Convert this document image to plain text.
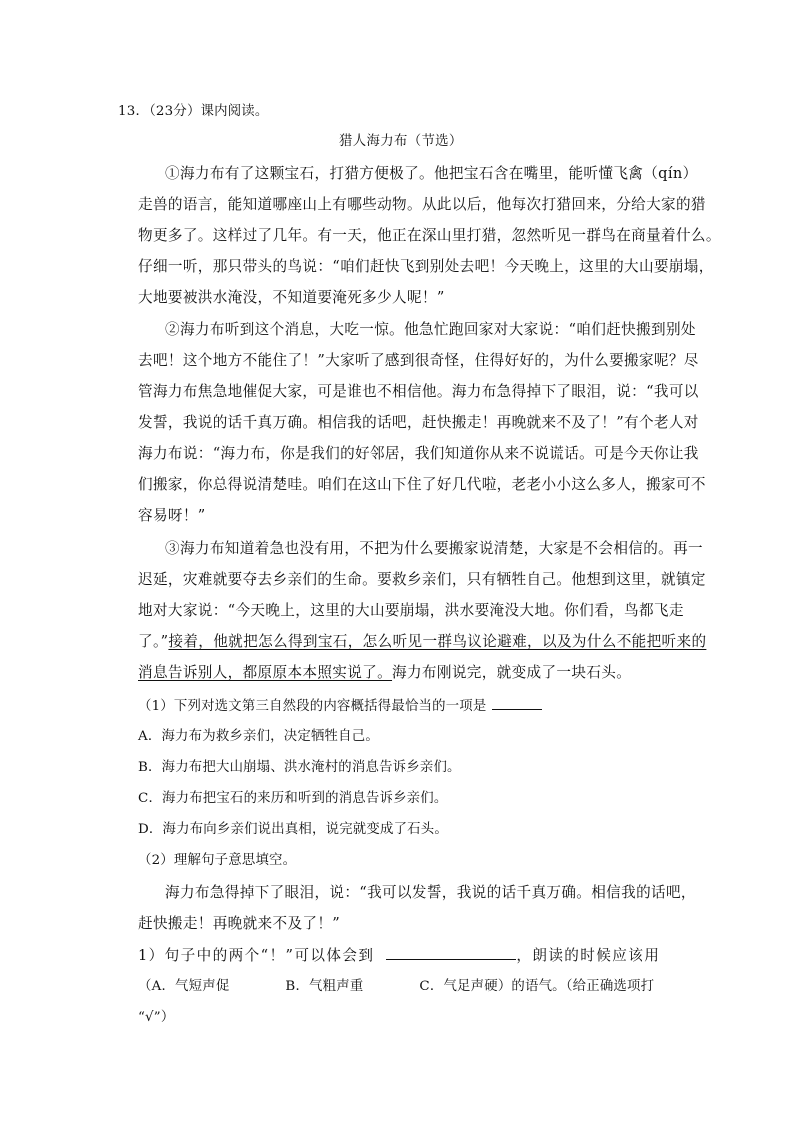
13．（23分）课内阅读。
猎人海力布（节选）
①海力布有了这颗宝石，打猎方便极了。他把宝石含在嘴里，能听懂飞禽（qín）
走兽的语言，能知道哪座山上有哪些动物。从此以后，他每次打猎回来，分给大家的猎
物更多了。这样过了几年。有一天，他正在深山里打猎，忽然听见一群鸟在商量着什么。
仔细一听，那只带头的鸟说：“咱们赶快飞到别处去吧！今天晚上，这里的大山要崩塌，
大地要被洪水淹没，不知道要淹死多少人呢！”
②海力布听到这个消息，大吃一惊。他急忙跑回家对大家说：“咱们赶快搬到别处
去吧！这个地方不能住了！”大家听了感到很奇怪，住得好好的，为什么要搬家呢？尽
管海力布焦急地催促大家，可是谁也不相信他。海力布急得掉下了眼泪，说：“我可以
发誓，我说的话千真万确。相信我的话吧，赶快搬走！再晚就来不及了！”有个老人对
海力布说：“海力布，你是我们的好邻居，我们知道你从来不说谎话。可是今天你让我
们搬家，你总得说清楚哇。咱们在这山下住了好几代啦，老老小小这么多人，搬家可不
容易呀！”
③海力布知道着急也没有用，不把为什么要搬家说清楚，大家是不会相信的。再一
迟延，灾难就要夺去乡亲们的生命。要救乡亲们，只有牺牲自己。他想到这里，就镇定
地对大家说：“今天晚上，这里的大山要崩塌，洪水要淹没大地。你们看，鸟都飞走
了。”接着，他就把怎么得到宝石，怎么听见一群鸟议论避难，以及为什么不能把听来的
消息告诉别人，都原原本本照实说了。海力布刚说完，就变成了一块石头。
（1）下列对选文第三自然段的内容概括得最恰当的一项是
A．海力布为救乡亲们，决定牺牲自己。
B．海力布把大山崩塌、洪水淹村的消息告诉乡亲们。
C．海力布把宝石的来历和听到的消息告诉乡亲们。
D．海力布向乡亲们说出真相，说完就变成了石头。
（2）理解句子意思填空。
海力布急得掉下了眼泪，说：“我可以发誓，我说的话千真万确。相信我的话吧，
赶快搬走！再晚就来不及了！”
1）句子中的两个“！”可以体会到	，朗读的时候应该用
（A．气短声促	B．气粗声重	C．气足声硬）的语气。（给正确选项打
“√”）
